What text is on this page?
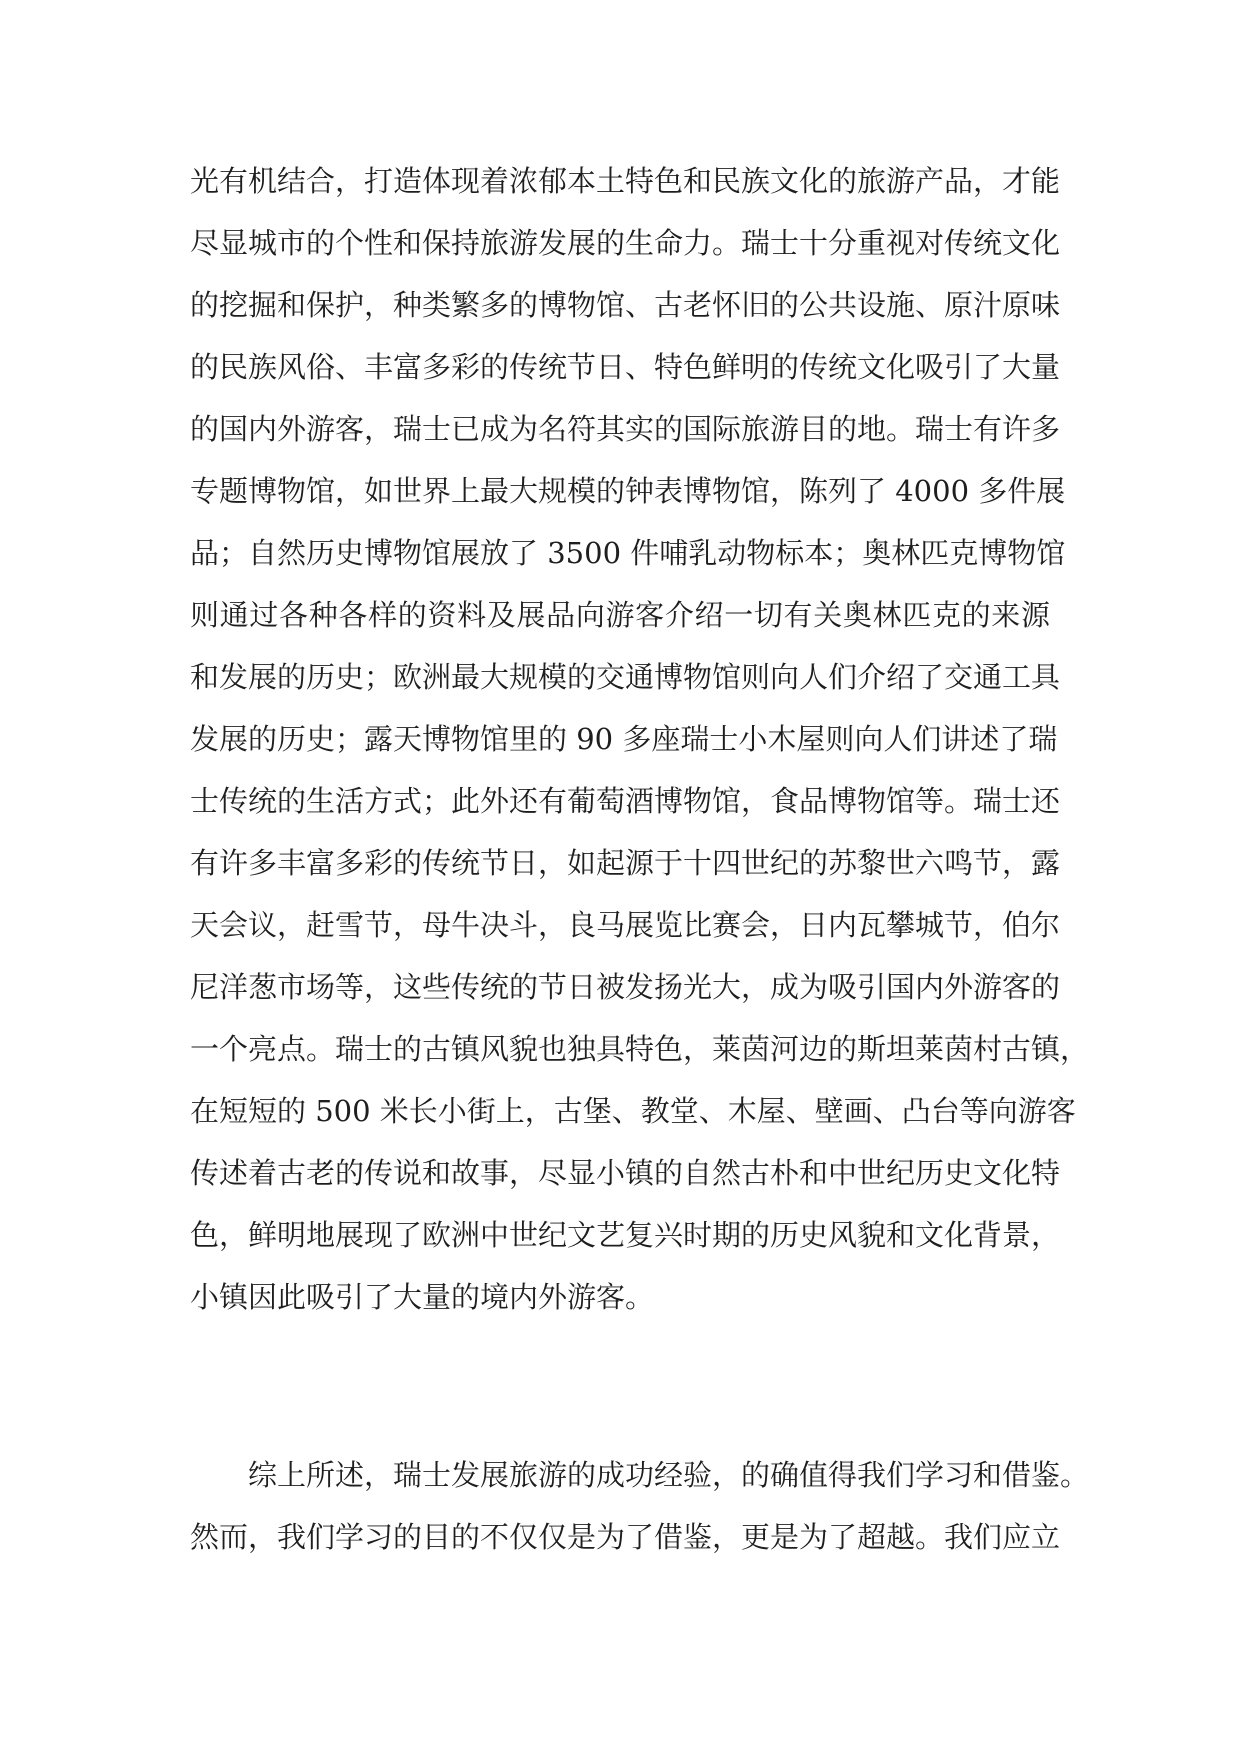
光有机结合，打造体现着浓郁本土特色和民族文化的旅游产品，才能
尽显城市的个性和保持旅游发展的生命力。瑞士十分重视对传统文化
的挖掘和保护，种类繁多的博物馆、古老怀旧的公共设施、原汁原味
的民族风俗、丰富多彩的传统节日、特色鲜明的传统文化吸引了大量
的国内外游客，瑞士已成为名符其实的国际旅游目的地。瑞士有许多
专题博物馆，如世界上最大规模的钟表博物馆，陈列了 4000 多件展
品；自然历史博物馆展放了 3500 件哺乳动物标本；奥林匹克博物馆
则通过各种各样的资料及展品向游客介绍一切有关奥林匹克的来源
和发展的历史；欧洲最大规模的交通博物馆则向人们介绍了交通工具
发展的历史；露天博物馆里的 90 多座瑞士小木屋则向人们讲述了瑞
士传统的生活方式；此外还有葡萄酒博物馆，食品博物馆等。瑞士还
有许多丰富多彩的传统节日，如起源于十四世纪的苏黎世六鸣节，露
天会议，赶雪节，母牛决斗，良马展览比赛会，日内瓦攀城节，伯尔
尼洋葱市场等，这些传统的节日被发扬光大，成为吸引国内外游客的
一个亮点。瑞士的古镇风貌也独具特色，莱茵河边的斯坦莱茵村古镇，
在短短的 500 米长小街上，古堡、教堂、木屋、壁画、凸台等向游客
传述着古老的传说和故事，尽显小镇的自然古朴和中世纪历史文化特
色，鲜明地展现了欧洲中世纪文艺复兴时期的历史风貌和文化背景，
小镇因此吸引了大量的境内外游客。
综上所述，瑞士发展旅游的成功经验，的确值得我们学习和借鉴。
然而，我们学习的目的不仅仅是为了借鉴，更是为了超越。我们应立
